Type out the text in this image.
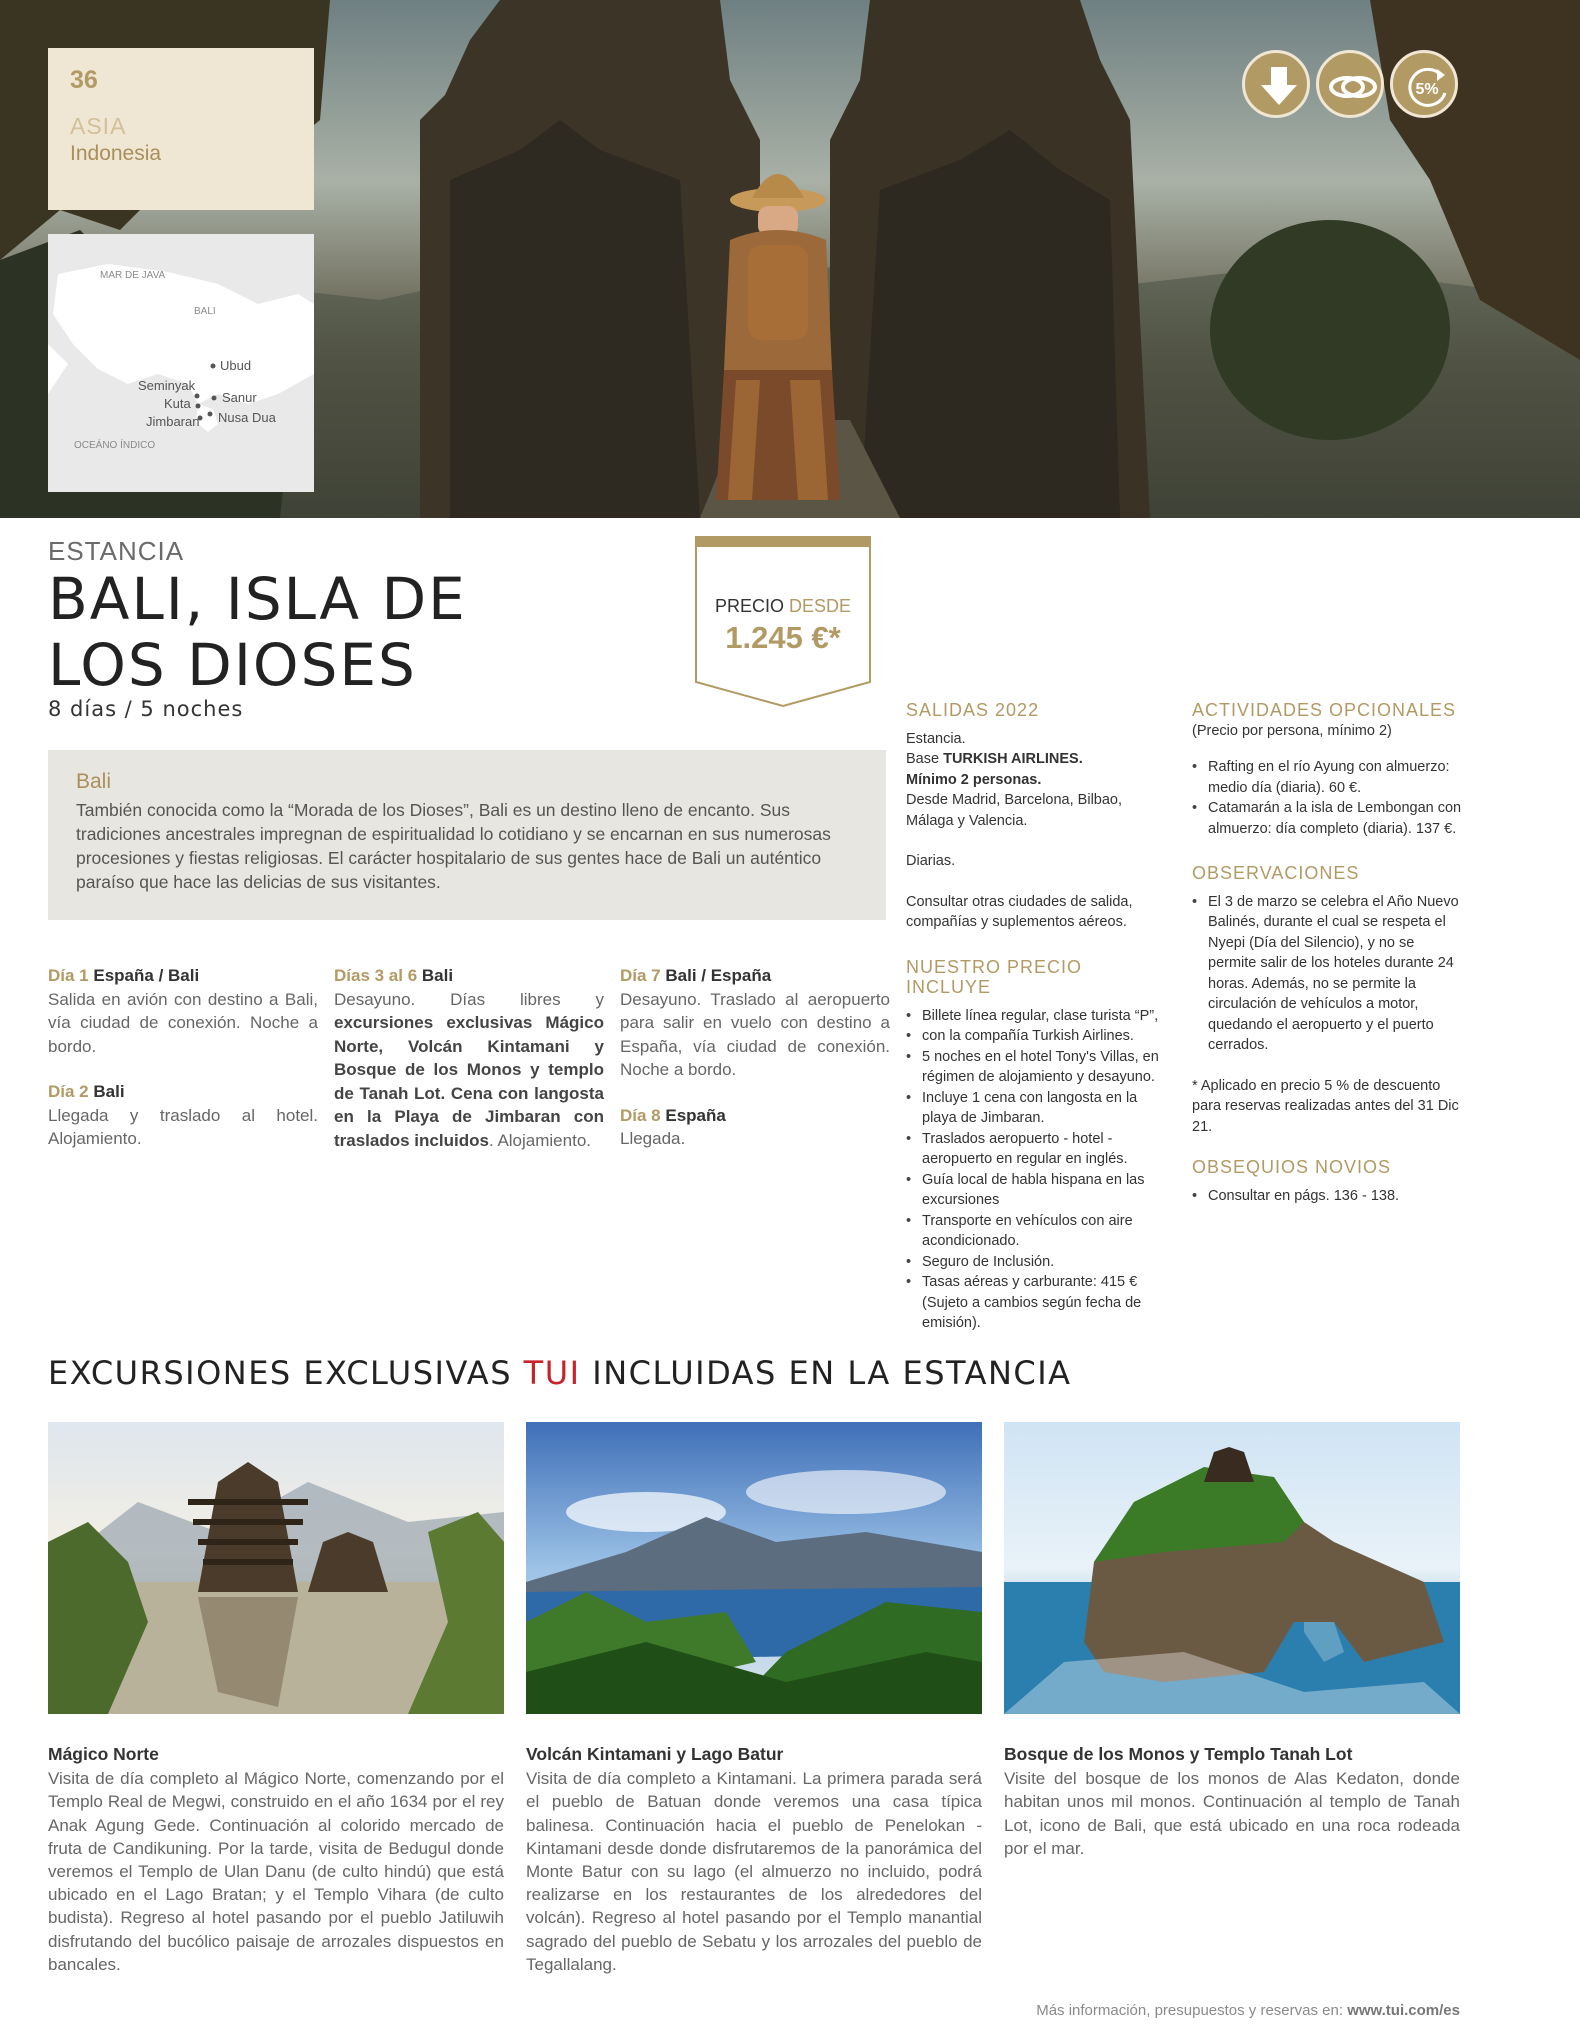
36
ASIA
Indonesia
MAR DE JAVA
BALI
OCEÁNO ÍNDICO
Ubud
Seminyak
Kuta Sanur
Jimbaran Nusa Dua
5%
ESTANCIA
BALI, ISLA DE
LOS DIOSES
8 días / 5 noches
PRECIO DESDE
1.245 €*
Bali

También conocida como la “Morada de los Dioses”, Bali es un destino lleno de encanto. Sus tradiciones ancestrales impregnan de espiritualidad lo cotidiano y se encarnan en sus numerosas procesiones y fiestas religiosas. El carácter hospitalario de sus gentes hace de Bali un auténtico paraíso que hace las delicias de sus visitantes.

Día 1 España / Bali
Salida en avión con destino a Bali, vía ciudad de conexión. Noche a bordo.
Día 2 Bali
Llegada y traslado al hotel. Alojamiento.
Días 3 al 6 Bali
Desayuno. Días libres y excursiones exclusivas Mágico Norte, Volcán Kintamani y Bosque de los Monos y templo de Tanah Lot. Cena con langosta en la Playa de Jimbaran con traslados incluidos. Alojamiento.
Día 7 Bali / España
Desayuno. Traslado al aeropuerto para salir en vuelo con destino a España, vía ciudad de conexión. Noche a bordo.
Día 8 España
Llegada.
SALIDAS 2022
Estancia.
Base TURKISH AIRLINES.
Mínimo 2 personas.
Desde Madrid, Barcelona, Bilbao, Málaga y Valencia.
Diarias.
Consultar otras ciudades de salida, compañías y suplementos aéreos.
NUESTRO PRECIO INCLUYE
• Billete línea regular, clase turista “P”,
• con la compañía Turkish Airlines.
• 5 noches en el hotel Tony's Villas, en régimen de alojamiento y desayuno.
• Incluye 1 cena con langosta en la playa de Jimbaran.
• Traslados aeropuerto - hotel - aeropuerto en regular en inglés.
• Guía local de habla hispana en las excursiones
• Transporte en vehículos con aire acondicionado.
• Seguro de Inclusión.
• Tasas aéreas y carburante: 415 € (Sujeto a cambios según fecha de emisión).
ACTIVIDADES OPCIONALES
(Precio por persona, mínimo 2)
• Rafting en el río Ayung con almuerzo: medio día (diaria). 60 €.
• Catamarán a la isla de Lembongan con almuerzo: día completo (diaria). 137 €.
OBSERVACIONES
• El 3 de marzo se celebra el Año Nuevo Balinés, durante el cual se respeta el Nyepi (Día del Silencio), y no se permite salir de los hoteles durante 24 horas. Además, no se permite la circulación de vehículos a motor, quedando el aeropuerto y el puerto cerrados.
* Aplicado en precio 5 % de descuento para reservas realizadas antes del 31 Dic 21.
OBSEQUIOS NOVIOS
• Consultar en págs. 136 - 138.
EXCURSIONES EXCLUSIVAS TUI INCLUIDAS EN LA ESTANCIA
Mágico Norte

Visita de día completo al Mágico Norte, comenzando por el Templo Real de Megwi, construido en el año 1634 por el rey Anak Agung Gede. Continuación al colorido mercado de fruta de Candikuning. Por la tarde, visita de Bedugul donde veremos el Templo de Ulan Danu (de culto hindú) que está ubicado en el Lago Bratan; y el Templo Vihara (de culto budista). Regreso al hotel pasando por el pueblo Jatiluwih disfrutando del bucólico paisaje de arrozales dispuestos en bancales.

Volcán Kintamani y Lago Batur

Visita de día completo a Kintamani. La primera parada será el pueblo de Batuan donde veremos una casa típica balinesa. Continuación hacia el pueblo de Penelokan - Kintamani desde donde disfrutaremos de la panorámica del Monte Batur con su lago (el almuerzo no incluido, podrá realizarse en los restaurantes de los alrededores del volcán). Regreso al hotel pasando por el Templo manantial sagrado del pueblo de Sebatu y los arrozales del pueblo de Tegallalang.

Bosque de los Monos y Templo Tanah Lot

Visite del bosque de los monos de Alas Kedaton, donde habitan unos mil monos. Continuación al templo de Tanah Lot, icono de Bali, que está ubicado en una roca rodeada por el mar.

Más información, presupuestos y reservas en: www.tui.com/es
